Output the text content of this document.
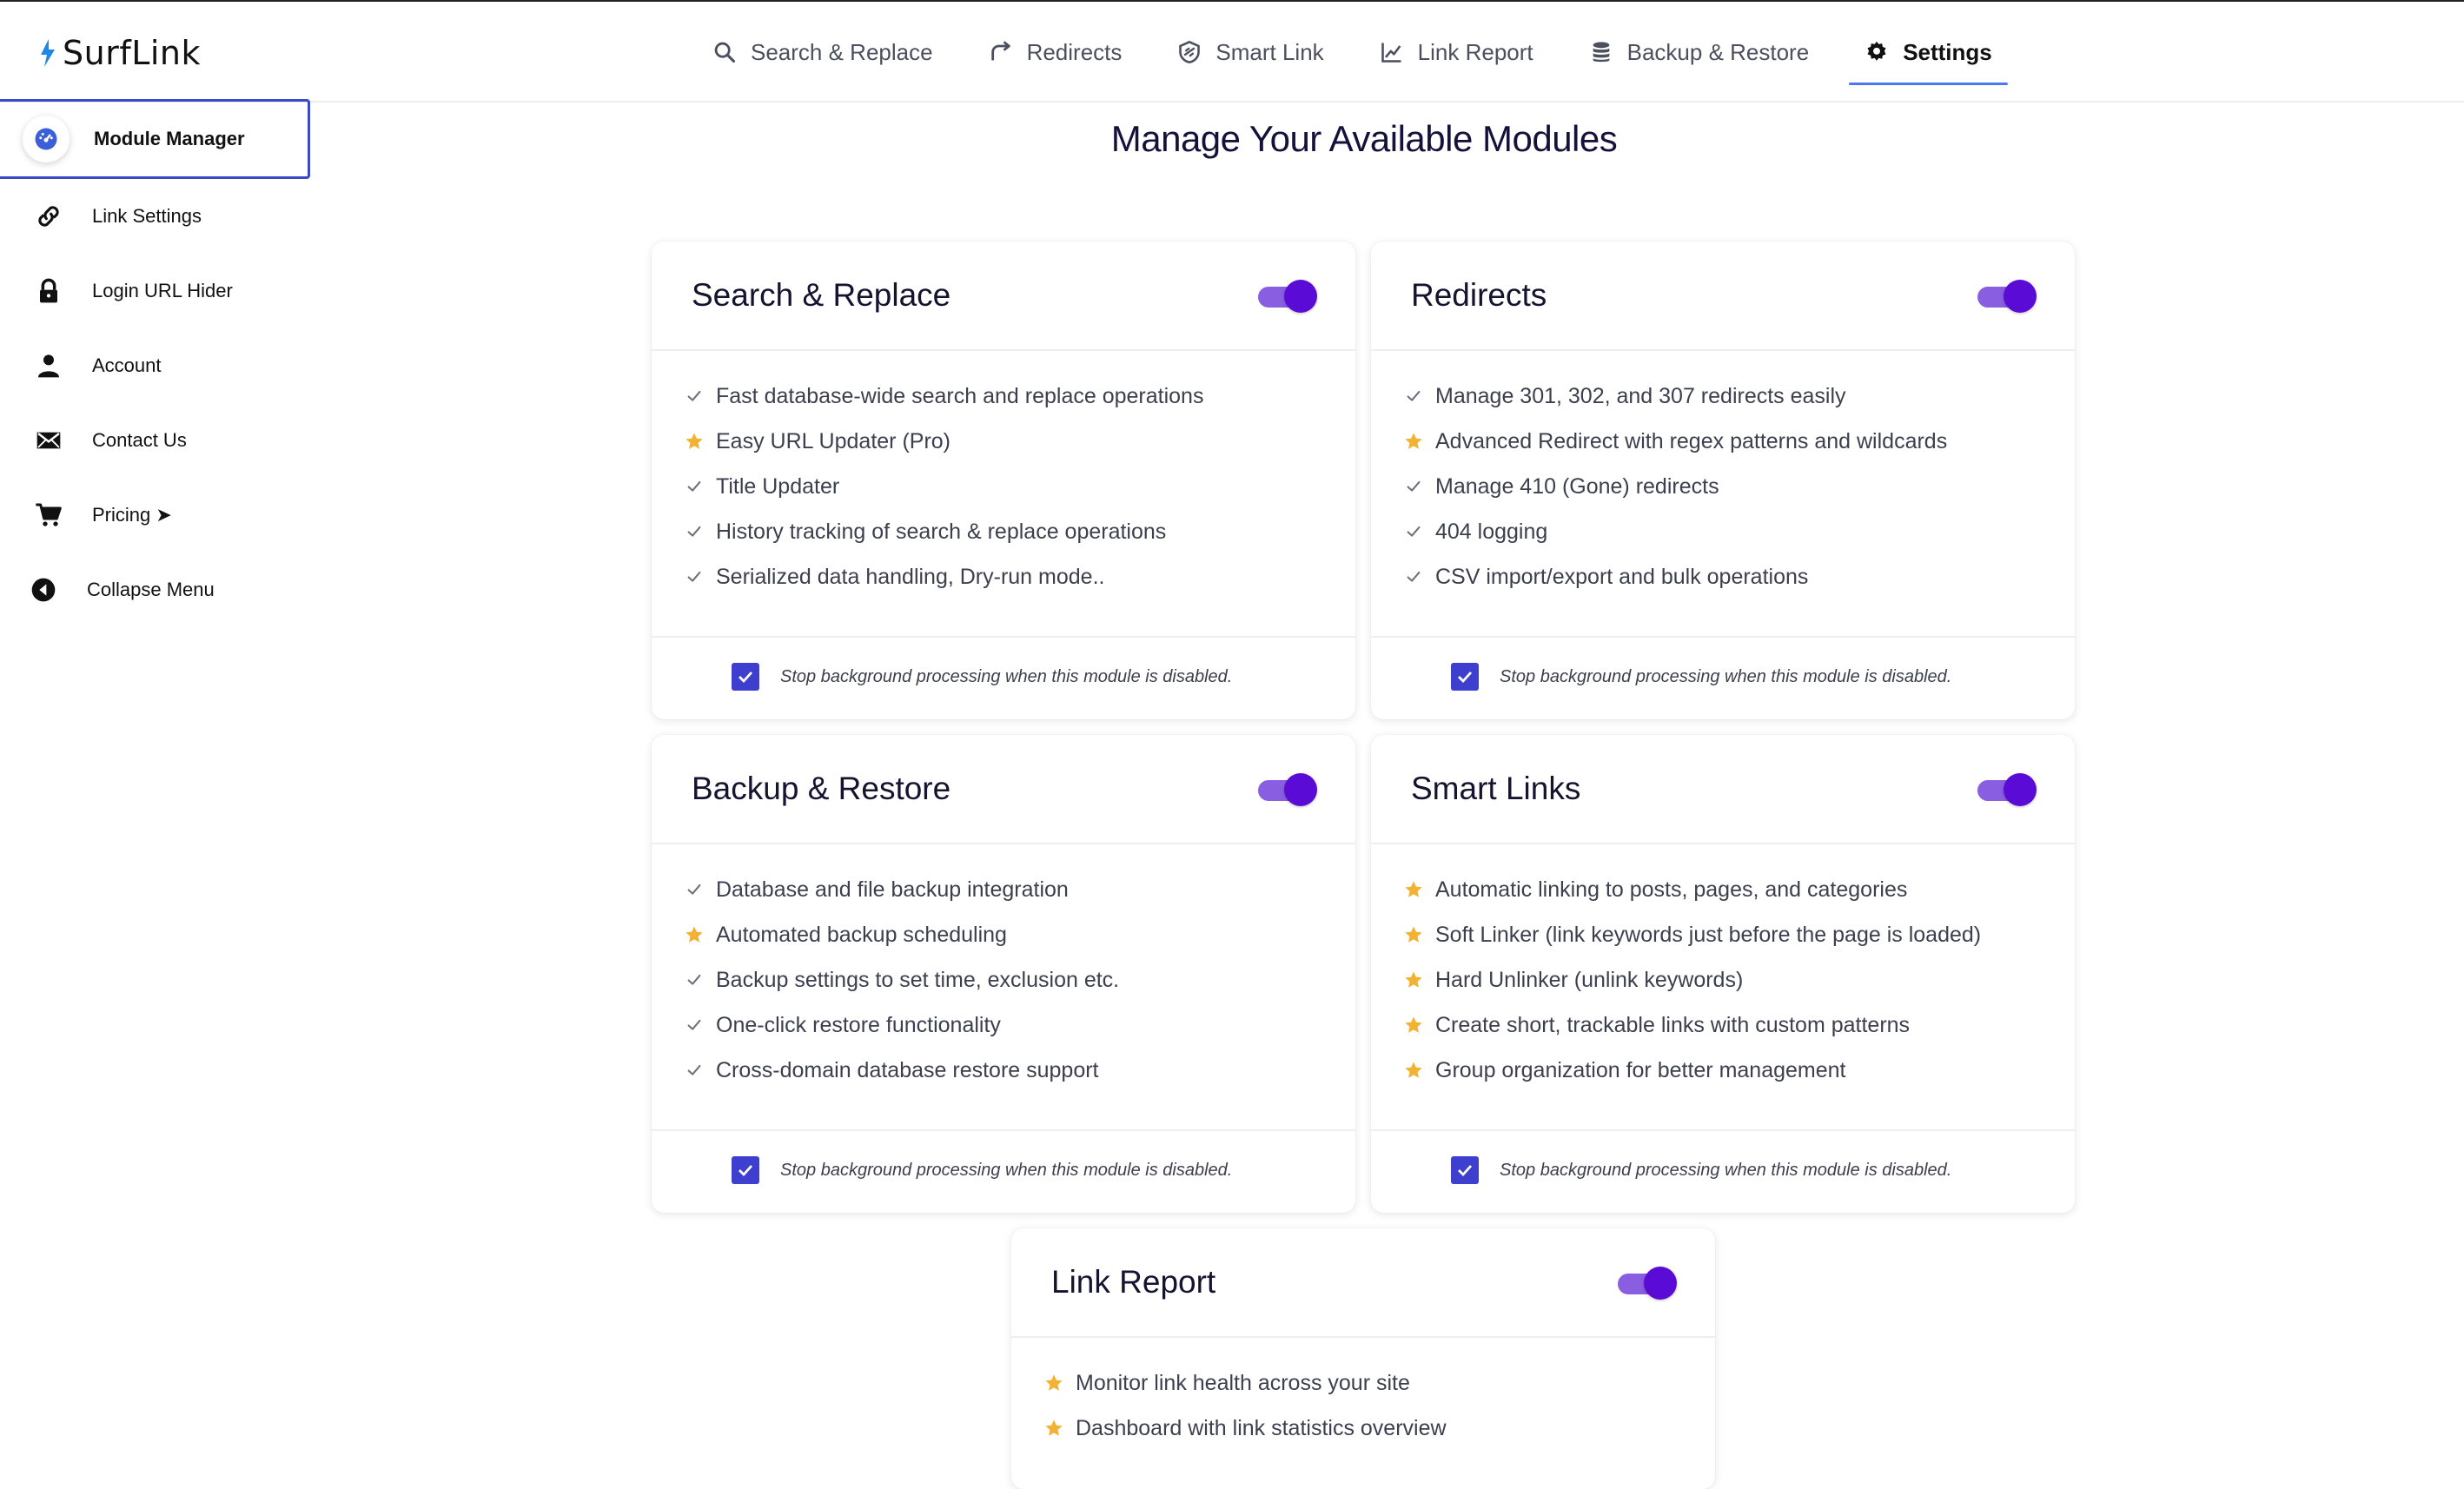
SurfLink	Search & Replace	Redirects	Smart Link	Link Report	Backup & Restore	Settings
Module Manager
Link Settings
Login URL Hider
Account
Contact Us
Pricing ➤
Collapse Menu
Manage Your Available Modules
Search & Replace
Fast database-wide search and replace operations
Easy URL Updater (Pro)
Title Updater
History tracking of search & replace operations
Serialized data handling, Dry-run mode..
Stop background processing when this module is disabled.
Redirects
Manage 301, 302, and 307 redirects easily
Advanced Redirect with regex patterns and wildcards
Manage 410 (Gone) redirects
404 logging
CSV import/export and bulk operations
Stop background processing when this module is disabled.
Backup & Restore
Database and file backup integration
Automated backup scheduling
Backup settings to set time, exclusion etc.
One-click restore functionality
Cross-domain database restore support
Stop background processing when this module is disabled.
Smart Links
Automatic linking to posts, pages, and categories
Soft Linker (link keywords just before the page is loaded)
Hard Unlinker (unlink keywords)
Create short, trackable links with custom patterns
Group organization for better management
Stop background processing when this module is disabled.
Link Report
Monitor link health across your site
Dashboard with link statistics overview
